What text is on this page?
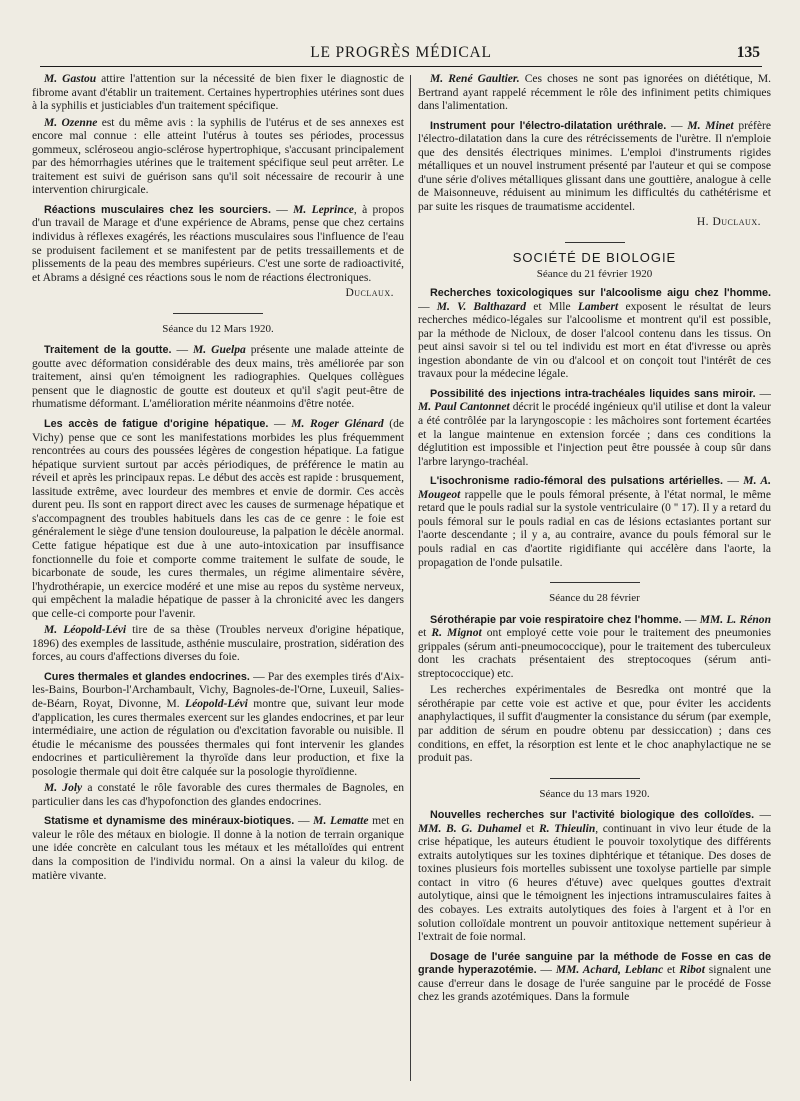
LE PROGRÈS MÉDICAL	135

M. Gastou attire l'attention sur la nécessité de bien fixer le diagnostic de fibrome avant d'établir un traitement. Certaines hypertrophies utérines sont dues à la syphilis et justiciables d'un traitement spécifique.

M. Ozenne est du même avis : la syphilis de l'utérus et de ses annexes est encore mal connue : elle atteint l'utérus à toutes ses périodes, processus gommeux, scléroseou angio-sclérose hypertrophique, s'accusant principalement par des hémorrhagies utérines que le traitement spécifique seul peut arrêter. Le traitement est suivi de guérison sans qu'il soit nécessaire de recourir à une intervention chirurgicale.

Réactions musculaires chez les sourciers. — M. Leprince, à propos d'un travail de Marage et d'une expérience de Abrams, pense que chez certains individus à réflexes exagérés, les réactions musculaires sous l'influence de l'eau se produisent facilement et se manifestent par de petits tressaillements et de plissements de la peau des membres supérieurs. C'est une sorte de radioactivité, et Abrams a désigné ces réactions sous le nom de réactions électroniques.

Duclaux.
Séance du 12 Mars 1920.

Traitement de la goutte. — M. Guelpa présente une malade atteinte de goutte avec déformation considérable des deux mains, très améliorée par son traitement, ainsi qu'en témoignent les radiographies. Quelques collègues pensent que le diagnostic de goutte est douteux et qu'il s'agit peut-être de rhumatisme déformant. L'amélioration mérite néanmoins d'être notée.

Les accès de fatigue d'origine hépatique. — M. Roger Glénard (de Vichy) pense que ce sont les manifestations morbides les plus fréquemment rencontrées au cours des poussées légères de congestion hépatique. La fatigue hépatique survient surtout par accès périodiques, de préférence le matin au réveil et après les principaux repas. Le début des accès est rapide : brusquement, lassitude extrême, avec lourdeur des membres et envie de dormir. Ces accès durent peu. Ils sont en rapport direct avec les causes de surmenage hépatique et s'accompagnent des troubles habituels dans les cas de ce genre : le foie est généralement le siège d'une tension douloureuse, la palpation le décèle anormal. Cette fatigue hépatique est due à une auto-intoxication par insuffisance fonctionnelle du foie et comporte comme traitement le sulfate de soude, le bicarbonate de soude, les cures thermales, un régime alimentaire sévère, l'hydrothérapie, un exercice modéré et une mise au repos du système nerveux, qui empêchent la maladie hépatique de passer à la chronicité avec les dangers que celle-ci comporte pour l'avenir.

M. Léopold-Lévi tire de sa thèse (Troubles nerveux d'origine hépatique, 1896) des exemples de lassitude, asthénie musculaire, prostration, sidération des forces, au cours d'affections diverses du foie.

Cures thermales et glandes endocrines. — Par des exemples tirés d'Aix-les-Bains, Bourbon-l'Archambault, Vichy, Bagnoles-de-l'Orne, Luxeuil, Salies-de-Béarn, Royat, Divonne, M. Léopold-Lévi montre que, suivant leur mode d'application, les cures thermales exercent sur les glandes endocrines, et par leur intermédiaire, une action de régulation ou d'excitation favorable ou nuisible. Il étudie le mécanisme des poussées thermales qui font intervenir les glandes endocrines et particulièrement la thyroïde dans leur production, et fixe la posologie thermale qui doit être calquée sur la posologie thyroïdienne.

M. Joly a constaté le rôle favorable des cures thermales de Bagnoles, en particulier dans les cas d'hypofonction des glandes endocrines.

Statisme et dynamisme des minéraux-biotiques. — M. Lematte met en valeur le rôle des métaux en biologie. Il donne à la notion de terrain organique une idée concrète en calculant tous les métaux et les métalloïdes qui entrent dans la composition de l'individu normal. On a ainsi la valeur du kilog. de matière vivante.

M. René Gaultier. Ces choses ne sont pas ignorées on diététique, M. Bertrand ayant rappelé récemment le rôle des infiniment petits chimiques dans l'alimentation.

Instrument pour l'électro-dilatation uréthrale. — M. Minet préfère l'électro-dilatation dans la cure des rétrécissements de l'urètre. Il n'emploie que des densités électriques minimes. L'emploi d'instruments rigides métalliques et un nouvel instrument présenté par l'auteur et qui se compose d'une série d'olives métalliques glissant dans une gouttière, analogue à celle de Maisonneuve, réduisent au minimum les difficultés du cathétérisme et par suite les risques de traumatisme accidentel.

H. Duclaux.
SOCIÉTÉ DE BIOLOGIE
Séance du 21 février 1920

Recherches toxicologiques sur l'alcoolisme aigu chez l'homme. — M. V. Balthazard et Mlle Lambert exposent le résultat de leurs recherches médico-légales sur l'alcoolisme et montrent qu'il est possible, par la méthode de Nicloux, de doser l'alcool contenu dans les tissus. On peut ainsi savoir si tel ou tel individu est mort en état d'ivresse ou après ingestion abondante de vin ou d'alcool et on conçoit tout l'intérêt de ces travaux pour la médecine légale.

Possibilité des injections intra-trachéales liquides sans miroir. — M. Paul Cantonnet décrit le procédé ingénieux qu'il utilise et dont la valeur a été contrôlée par la laryngoscopie : les mâchoires sont fortement écartées et la langue maintenue en extension forcée ; dans ces conditions la déglutition est impossible et l'injection peut être poussée à coup sûr dans l'arbre laryngo-trachéal.

L'isochronisme radio-fémoral des pulsations artérielles. — M. A. Mougeot rappelle que le pouls fémoral présente, à l'état normal, le même retard que le pouls radial sur la systole ventriculaire (0 '' 17). Il y a retard du pouls fémoral sur le pouls radial en cas de lésions ectasiantes portant sur l'aorte descendante ; il y a, au contraire, avance du pouls fémoral sur le pouls radial en cas d'aortite rigidifiante qui accélère dans l'aorte, la propagation de l'onde pulsatile.

Séance du 28 février

Sérothérapie par voie respiratoire chez l'homme. — MM. L. Rénon et R. Mignot ont employé cette voie pour le traitement des pneumonies grippales (sérum anti-pneumococcique), pour le traitement des tuberculeux dont les crachats présentaient des streptocoques (sérum anti-streptococcique) etc.

Les recherches expérimentales de Besredka ont montré que la sérothérapie par cette voie est active et que, pour éviter les accidents anaphylactiques, il suffit d'augmenter la consistance du sérum (par exemple, par addition de sérum en poudre obtenu par dessiccation) ; dans ces conditions, en effet, la résorption est lente et le choc anaphylactique ne se produit pas.

Séance du 13 mars 1920.

Nouvelles recherches sur l'activité biologique des colloïdes. — MM. B. G. Duhamel et R. Thieulin, continuant in vivo leur étude de la crise hépatique, les auteurs étudient le pouvoir toxolytique des différents extraits autolytiques sur les toxines diphtérique et tétanique. Des doses de toxines plusieurs fois mortelles subissent une toxolyse partielle par simple contact in vitro (6 heures d'étuve) avec quelques gouttes d'extrait autolytique, ainsi que le témoignent les injections intramusculaires faites à des cobayes. Les extraits autolytiques des foies à l'argent et à l'or en solution colloïdale montrent un pouvoir antitoxique nettement supérieur à l'extrait de foie normal.

Dosage de l'urée sanguine par la méthode de Fosse en cas de grande hyperazotémie. — MM. Achard, Leblanc et Ribot signalent une cause d'erreur dans le dosage de l'urée sanguine par le procédé de Fosse chez les grands azotémiques. Dans la formule
